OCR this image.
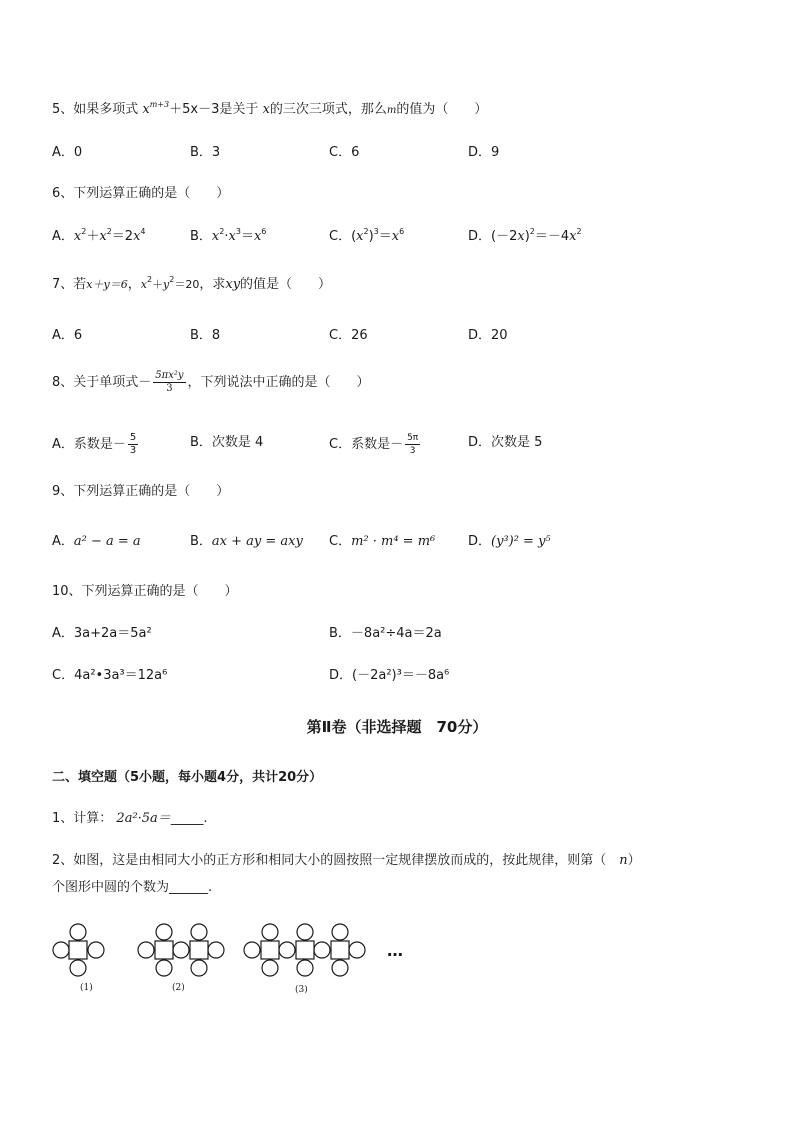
5、如果多项式 $x^{m+3}+5x-3$是关于 x的三次三项式，那么m的值为（　　）
A．0	B．3	C．6	D．9
6、下列运算正确的是（　　）
A．$x^2+x^2=2x^4$	B．$x^2\cdot x^3=x^6$	C．$(x^2)^3=x^6$	D．$(-2x)^2=-4x^2$
7、若x＋y＝6，$x^2+y^2=20$，求xy的值是（　　）
A．6	B．8	C．26	D．20
8、关于单项式－ $\frac{\text{5πx²y}}{3}$ ，下列说法中正确的是（　　）
A．系数是－ $\frac{5}{3}$	B．次数是 4	C．系数是－ $\frac{5\pi}{3}$	D．次数是 5
9、下列运算正确的是（　　）
A．a² − a = a	B．ax + ay = axy C．m² · m⁴ = m⁶	D．(y³)² = y⁵
10、下列运算正确的是（　　）
A．3a+2a＝5a²	B．－8a²÷4a＝2a
C．4a²•3a³＝12a⁶	D．(－2a²)³＝－8a⁶
第Ⅱ卷（非选择题　70分）
二、填空题（5小题，每小题4分，共计20分）
1、计算： 2a²·5a＝_____.
2、如图，这是由相同大小的正方形和相同大小的圆按照一定规律摆放而成的，按此规律，则第（　n）
个图形中圆的个数为______.
(1)	(2)	(3)
…
